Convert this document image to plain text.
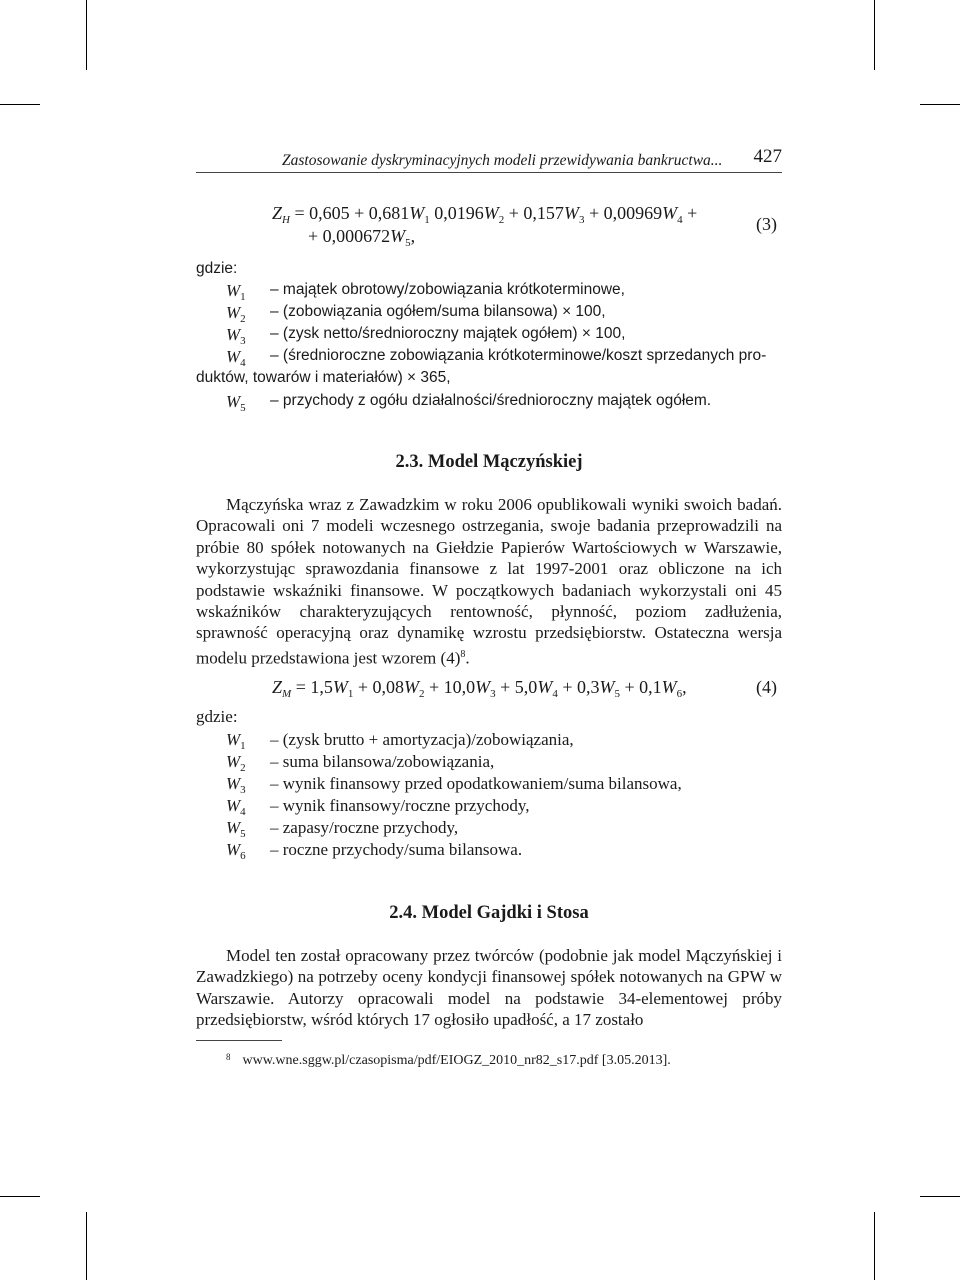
Zastosowanie dyskryminacyjnych modeli przewidywania bankructwa... 427
$Z_H = 0,605 + 0,681W_1$ $0,0196W_2 + 0,157W_3 + 0,00969W_4$ +
+ $0,000672W_5$,
(3)
gdzie:
$W_1$ – majątek obrotowy/zobowiązania krótkoterminowe,
$W_2$ – (zobowiązania ogółem/suma bilansowa) × 100,
$W_3$ – (zysk netto/średnioroczny majątek ogółem) × 100,
$W_4$ – (średnioroczne zobowiązania krótkoterminowe/koszt sprzedanych pro-
duktów, towarów i materiałów) × 365,
$W_5$ – przychody z ogółu działalności/średnioroczny majątek ogółem.
2.3. Model Mączyńskiej

Mączyńska wraz z Zawadzkim w roku 2006 opublikowali wyniki swoich badań. Opracowali oni 7 modeli wczesnego ostrzegania, swoje badania przeprowadzili na próbie 80 spółek notowanych na Giełdzie Papierów Wartościowych w Warszawie, wykorzystując sprawozdania finansowe z lat 1997-2001 oraz obliczone na ich podstawie wskaźniki finansowe. W początkowych badaniach wykorzystali oni 45 wskaźników charakteryzujących rentowność, płynność, poziom zadłużenia, sprawność operacyjną oraz dynamikę wzrostu przedsiębiorstw. Ostateczna wersja modelu przedstawiona jest wzorem $(4)^8$.

$Z_M = 1,5W_1 + 0,08W_2 + 10,0W_3 + 5,0W_4 + 0,3W_5 + 0,1W_6$,	(4)
gdzie:
$W_1$ – (zysk brutto + amortyzacja)/zobowiązania,
$W_2$ – suma bilansowa/zobowiązania,
$W_3$ – wynik finansowy przed opodatkowaniem/suma bilansowa,
$W_4$ – wynik finansowy/roczne przychody,
$W_5$ – zapasy/roczne przychody,
$W_6$ – roczne przychody/suma bilansowa.
2.4. Model Gajdki i Stosa

Model ten został opracowany przez twórców (podobnie jak model Mączyńskiej i Zawadzkiego) na potrzeby oceny kondycji finansowej spółek notowanych na GPW w Warszawie. Autorzy opracowali model na podstawie 34-elementowej próby przedsiębiorstw, wśród których 17 ogłosiło upadłość, a 17 zostało

$^8$ www.wne.sggw.pl/czasopisma/pdf/EIOGZ_2010_nr82_s17.pdf [3.05.2013].
